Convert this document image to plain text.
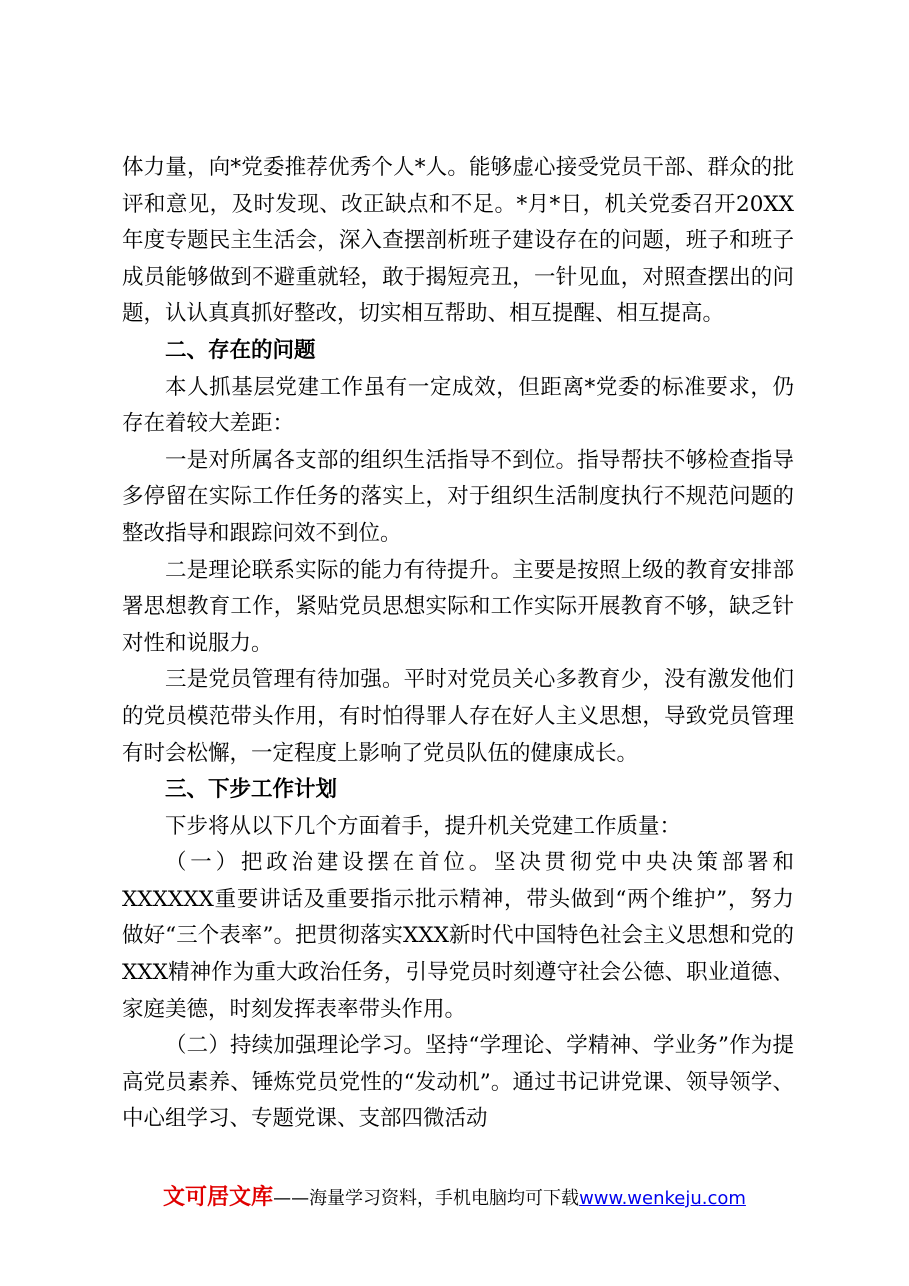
体力量，向*党委推荐优秀个人*人。能够虚心接受党员干部、群众的批评和意见，及时发现、改正缺点和不足。*月*日，机关党委召开20XX年度专题民主生活会，深入查摆剖析班子建设存在的问题，班子和班子成员能够做到不避重就轻，敢于揭短亮丑，一针见血，对照查摆出的问题，认认真真抓好整改，切实相互帮助、相互提醒、相互提高。

二、存在的问题

本人抓基层党建工作虽有一定成效，但距离*党委的标准要求，仍存在着较大差距：

一是对所属各支部的组织生活指导不到位。指导帮扶不够检查指导多停留在实际工作任务的落实上，对于组织生活制度执行不规范问题的整改指导和跟踪问效不到位。

二是理论联系实际的能力有待提升。主要是按照上级的教育安排部署思想教育工作，紧贴党员思想实际和工作实际开展教育不够，缺乏针对性和说服力。

三是党员管理有待加强。平时对党员关心多教育少，没有激发他们的党员模范带头作用，有时怕得罪人存在好人主义思想，导致党员管理有时会松懈，一定程度上影响了党员队伍的健康成长。

三、下步工作计划

下步将从以下几个方面着手，提升机关党建工作质量：

（一）把政治建设摆在首位。坚决贯彻党中央决策部署和XXXXXX重要讲话及重要指示批示精神，带头做到“两个维护”，努力做好“三个表率”。把贯彻落实XXX新时代中国特色社会主义思想和党的XXX精神作为重大政治任务，引导党员时刻遵守社会公德、职业道德、家庭美德，时刻发挥表率带头作用。

（二）持续加强理论学习。坚持“学理论、学精神、学业务”作为提高党员素养、锤炼党员党性的“发动机”。通过书记讲党课、领导领学、中心组学习、专题党课、支部四微活动

文可居文库——海量学习资料，手机电脑均可下载www.wenkeju.com
